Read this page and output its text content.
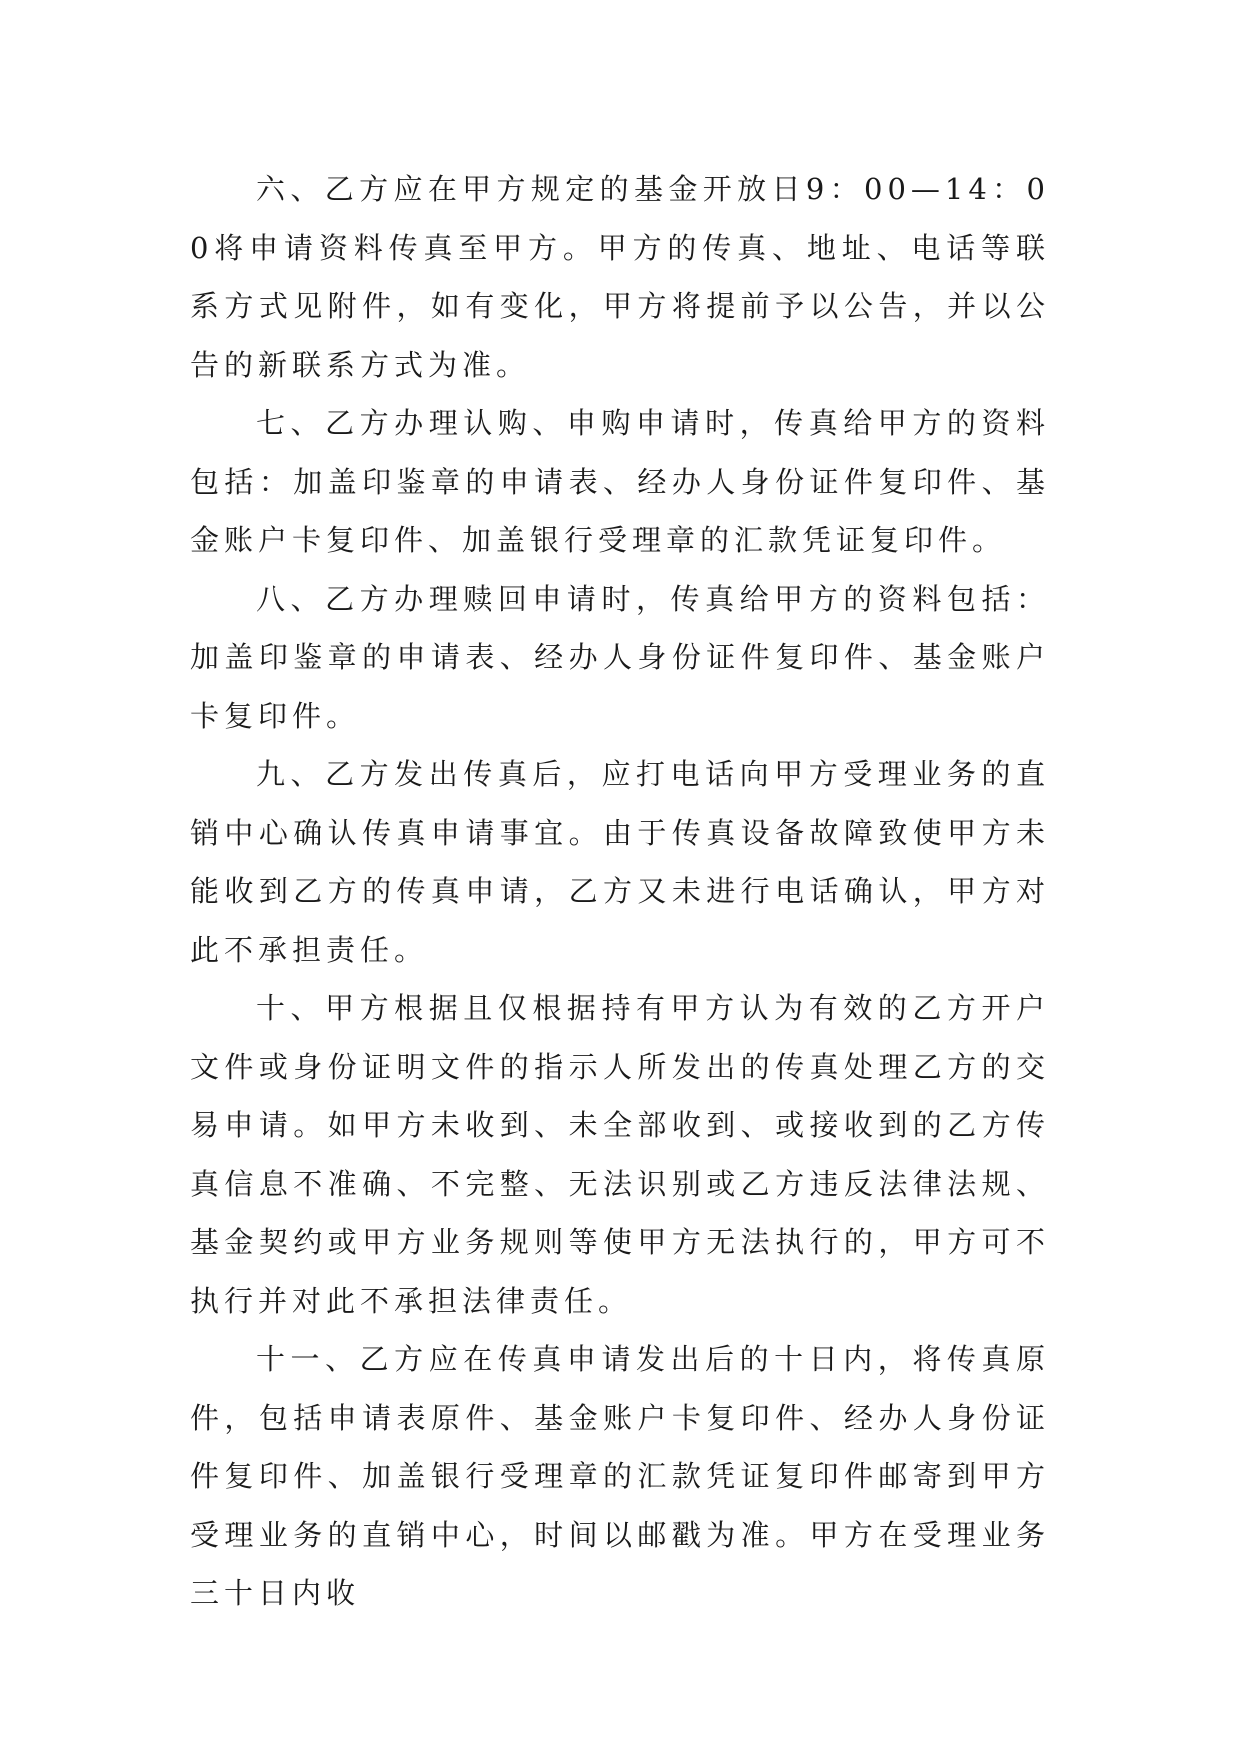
六、乙方应在甲方规定的基金开放日9：00—14：00将申请资料传真至甲方。甲方的传真、地址、电话等联系方式见附件，如有变化，甲方将提前予以公告，并以公告的新联系方式为准。

七、乙方办理认购、申购申请时，传真给甲方的资料包括：加盖印鉴章的申请表、经办人身份证件复印件、基金账户卡复印件、加盖银行受理章的汇款凭证复印件。

八、乙方办理赎回申请时，传真给甲方的资料包括：加盖印鉴章的申请表、经办人身份证件复印件、基金账户卡复印件。

九、乙方发出传真后，应打电话向甲方受理业务的直销中心确认传真申请事宜。由于传真设备故障致使甲方未能收到乙方的传真申请，乙方又未进行电话确认，甲方对此不承担责任。

十、甲方根据且仅根据持有甲方认为有效的乙方开户文件或身份证明文件的指示人所发出的传真处理乙方的交易申请。如甲方未收到、未全部收到、或接收到的乙方传真信息不准确、不完整、无法识别或乙方违反法律法规、基金契约或甲方业务规则等使甲方无法执行的，甲方可不执行并对此不承担法律责任。

十一、乙方应在传真申请发出后的十日内，将传真原件，包括申请表原件、基金账户卡复印件、经办人身份证件复印件、加盖银行受理章的汇款凭证复印件邮寄到甲方受理业务的直销中心，时间以邮戳为准。甲方在受理业务三十日内收
